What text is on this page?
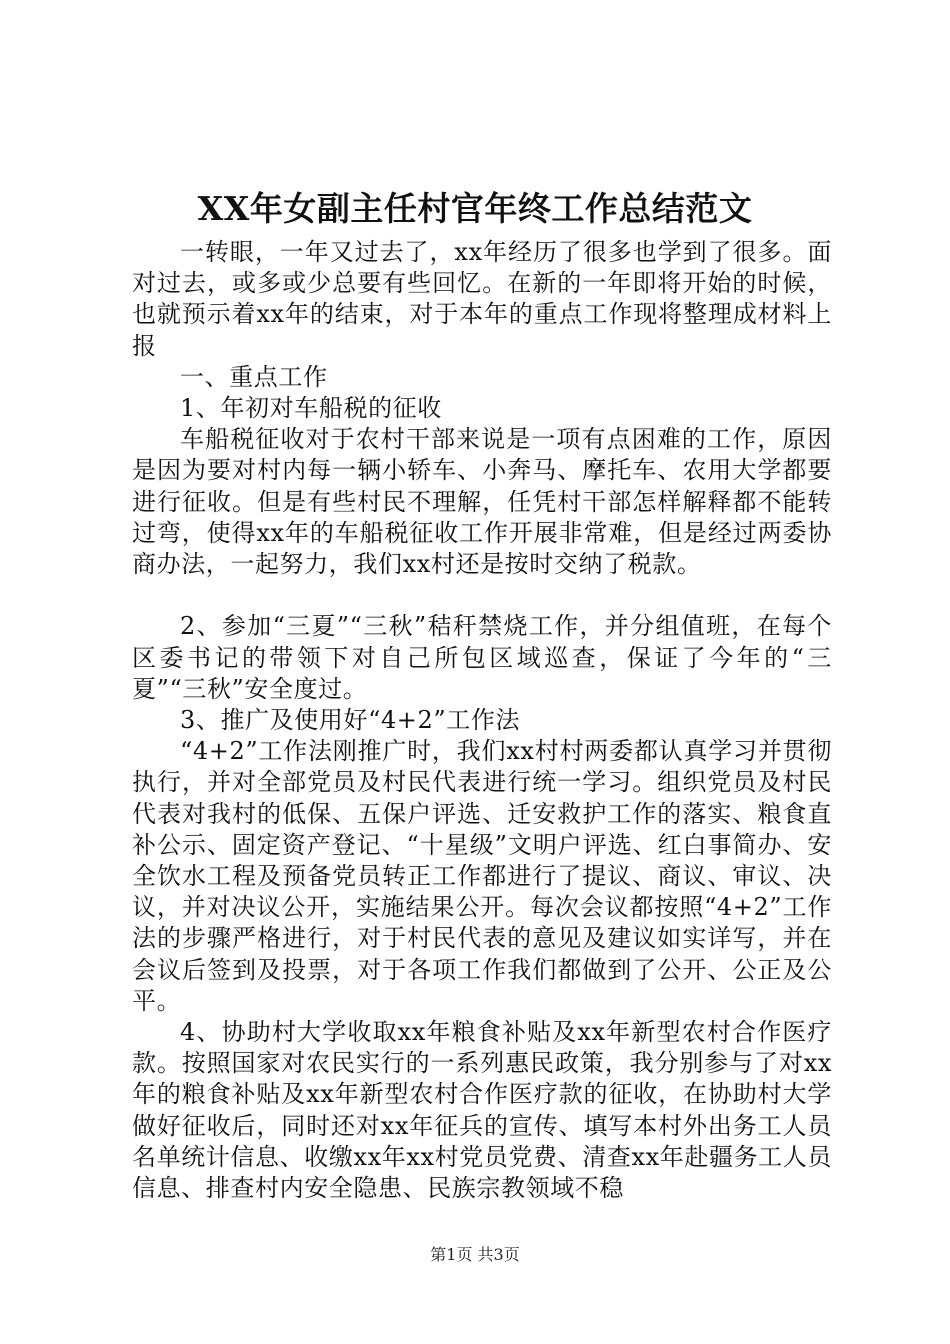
XX年女副主任村官年终工作总结范文

一转眼，一年又过去了，xx年经历了很多也学到了很多。面对过去，或多或少总要有些回忆。在新的一年即将开始的时候，也就预示着xx年的结束，对于本年的重点工作现将整理成材料上报

一、重点工作

1、年初对车船税的征收

车船税征收对于农村干部来说是一项有点困难的工作，原因是因为要对村内每一辆小轿车、小奔马、摩托车、农用大学都要进行征收。但是有些村民不理解，任凭村干部怎样解释都不能转过弯，使得xx年的车船税征收工作开展非常难，但是经过两委协商办法，一起努力，我们xx村还是按时交纳了税款。

2、参加“三夏”“三秋”秸秆禁烧工作，并分组值班，在每个区委书记的带领下对自己所包区域巡查，保证了今年的“三夏”“三秋”安全度过。

3、推广及使用好“4+2”工作法

“4+2”工作法刚推广时，我们xx村村两委都认真学习并贯彻执行，并对全部党员及村民代表进行统一学习。组织党员及村民代表对我村的低保、五保户评选、迁安救护工作的落实、粮食直补公示、固定资产登记、“十星级”文明户评选、红白事简办、安全饮水工程及预备党员转正工作都进行了提议、商议、审议、决议，并对决议公开，实施结果公开。每次会议都按照“4+2”工作法的步骤严格进行，对于村民代表的意见及建议如实详写，并在会议后签到及投票，对于各项工作我们都做到了公开、公正及公平。

4、协助村大学收取xx年粮食补贴及xx年新型农村合作医疗款。按照国家对农民实行的一系列惠民政策，我分别参与了对xx年的粮食补贴及xx年新型农村合作医疗款的征收，在协助村大学做好征收后，同时还对xx年征兵的宣传、填写本村外出务工人员名单统计信息、收缴xx年xx村党员党费、清查xx年赴疆务工人员信息、排查村内安全隐患、民族宗教领域不稳

第1页 共3页
